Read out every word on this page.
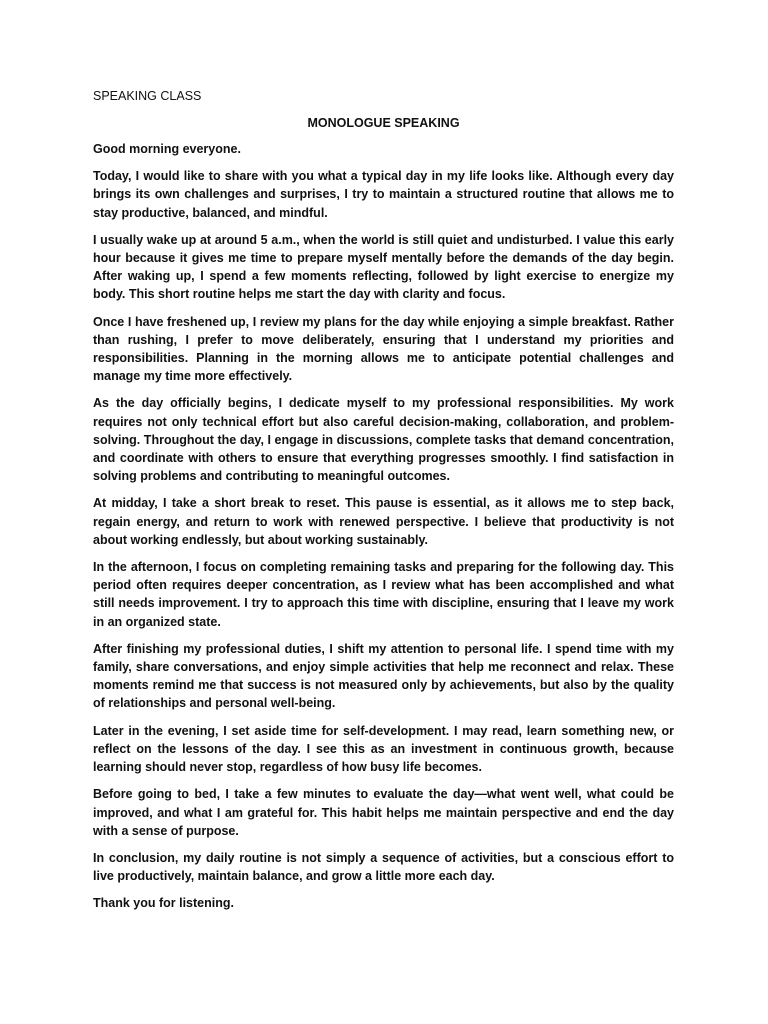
SPEAKING CLASS

MONOLOGUE SPEAKING

Good morning everyone.

Today, I would like to share with you what a typical day in my life looks like. Although every day brings its own challenges and surprises, I try to maintain a structured routine that allows me to stay productive, balanced, and mindful.

I usually wake up at around 5 a.m., when the world is still quiet and undisturbed. I value this early hour because it gives me time to prepare myself mentally before the demands of the day begin. After waking up, I spend a few moments reflecting, followed by light exercise to energize my body. This short routine helps me start the day with clarity and focus.

Once I have freshened up, I review my plans for the day while enjoying a simple breakfast. Rather than rushing, I prefer to move deliberately, ensuring that I understand my priorities and responsibilities. Planning in the morning allows me to anticipate potential challenges and manage my time more effectively.

As the day officially begins, I dedicate myself to my professional responsibilities. My work requires not only technical effort but also careful decision-making, collaboration, and problem-solving. Throughout the day, I engage in discussions, complete tasks that demand concentration, and coordinate with others to ensure that everything progresses smoothly. I find satisfaction in solving problems and contributing to meaningful outcomes.

At midday, I take a short break to reset. This pause is essential, as it allows me to step back, regain energy, and return to work with renewed perspective. I believe that productivity is not about working endlessly, but about working sustainably.

In the afternoon, I focus on completing remaining tasks and preparing for the following day. This period often requires deeper concentration, as I review what has been accomplished and what still needs improvement. I try to approach this time with discipline, ensuring that I leave my work in an organized state.

After finishing my professional duties, I shift my attention to personal life. I spend time with my family, share conversations, and enjoy simple activities that help me reconnect and relax. These moments remind me that success is not measured only by achievements, but also by the quality of relationships and personal well-being.

Later in the evening, I set aside time for self-development. I may read, learn something new, or reflect on the lessons of the day. I see this as an investment in continuous growth, because learning should never stop, regardless of how busy life becomes.

Before going to bed, I take a few minutes to evaluate the day—what went well, what could be improved, and what I am grateful for. This habit helps me maintain perspective and end the day with a sense of purpose.

In conclusion, my daily routine is not simply a sequence of activities, but a conscious effort to live productively, maintain balance, and grow a little more each day.

Thank you for listening.
